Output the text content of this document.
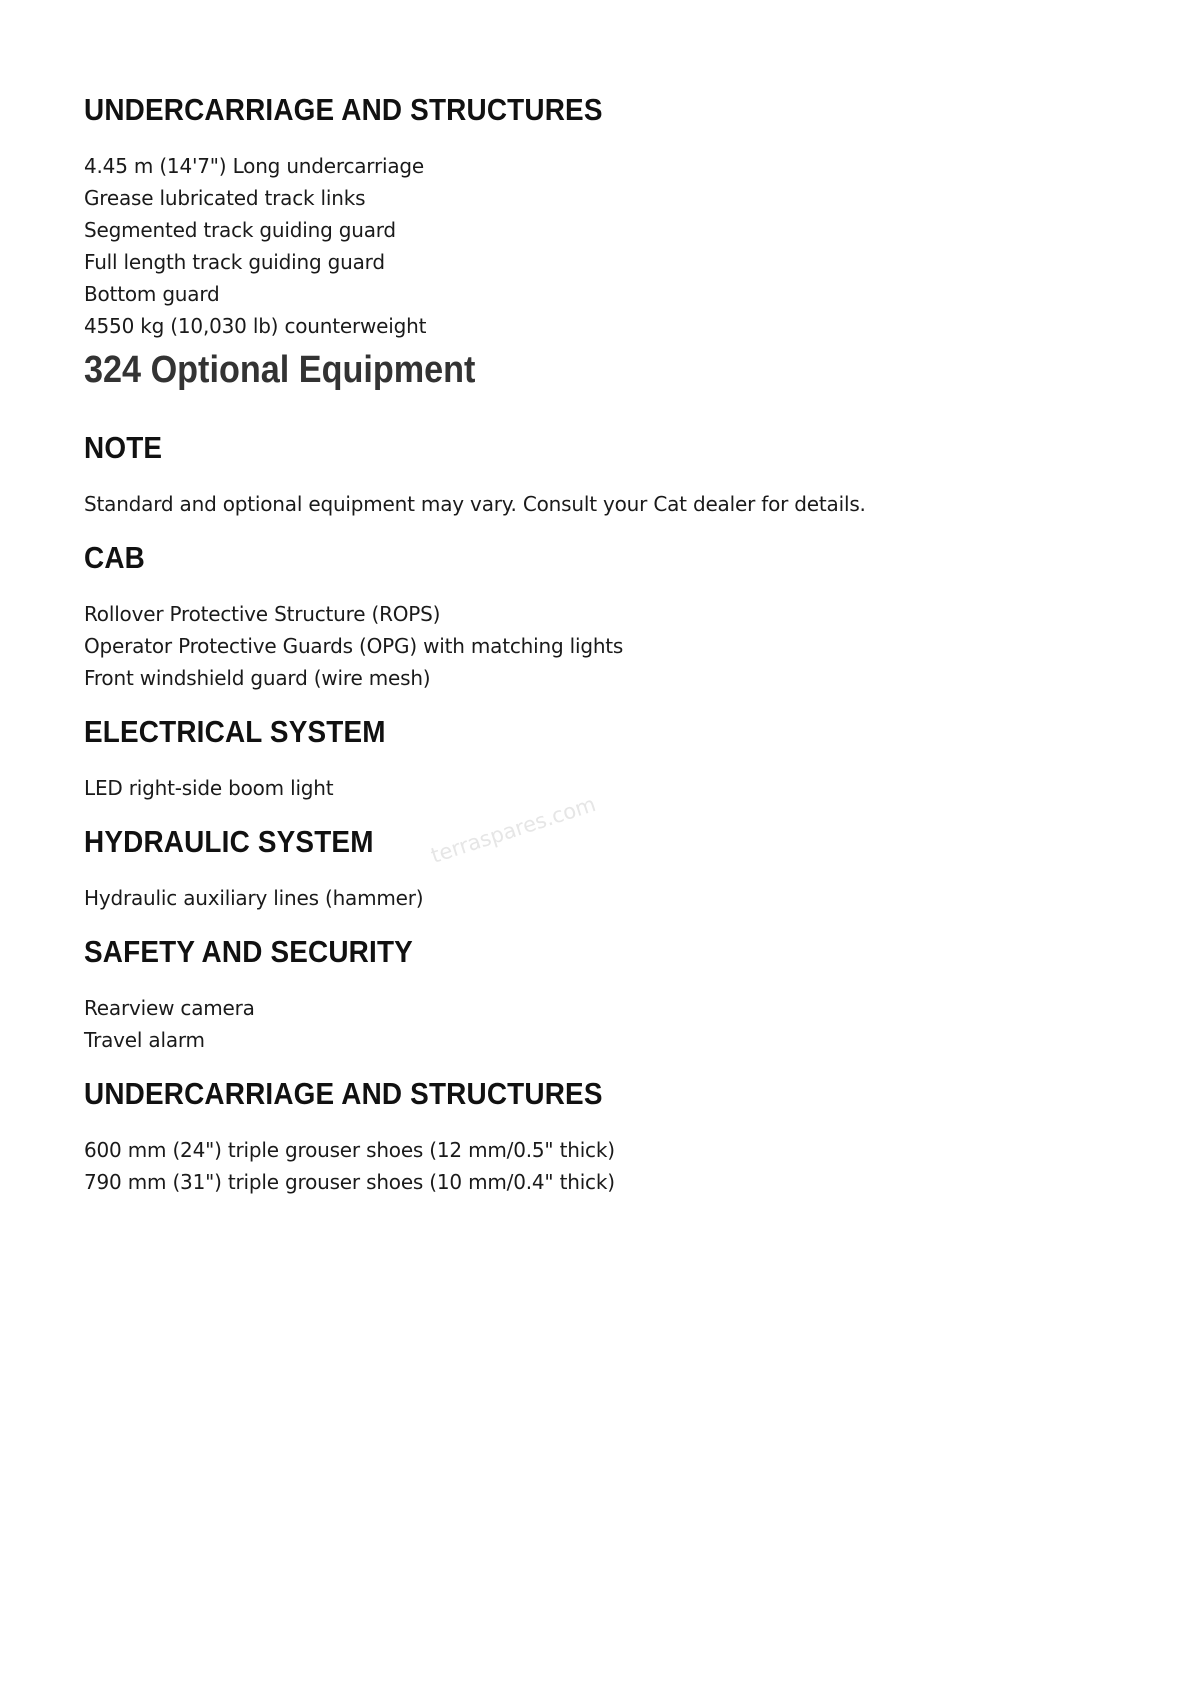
UNDERCARRIAGE AND STRUCTURES
4.45 m (14'7") Long undercarriage
Grease lubricated track links
Segmented track guiding guard
Full length track guiding guard
Bottom guard
4550 kg (10,030 lb) counterweight
324 Optional Equipment
NOTE

Standard and optional equipment may vary. Consult your Cat dealer for details.

CAB
Rollover Protective Structure (ROPS)
Operator Protective Guards (OPG) with matching lights
Front windshield guard (wire mesh)
ELECTRICAL SYSTEM
LED right-side boom light
HYDRAULIC SYSTEM
Hydraulic auxiliary lines (hammer)
SAFETY AND SECURITY
Rearview camera
Travel alarm
UNDERCARRIAGE AND STRUCTURES
600 mm (24") triple grouser shoes (12 mm/0.5" thick)
790 mm (31") triple grouser shoes (10 mm/0.4" thick)
terraspares.com
